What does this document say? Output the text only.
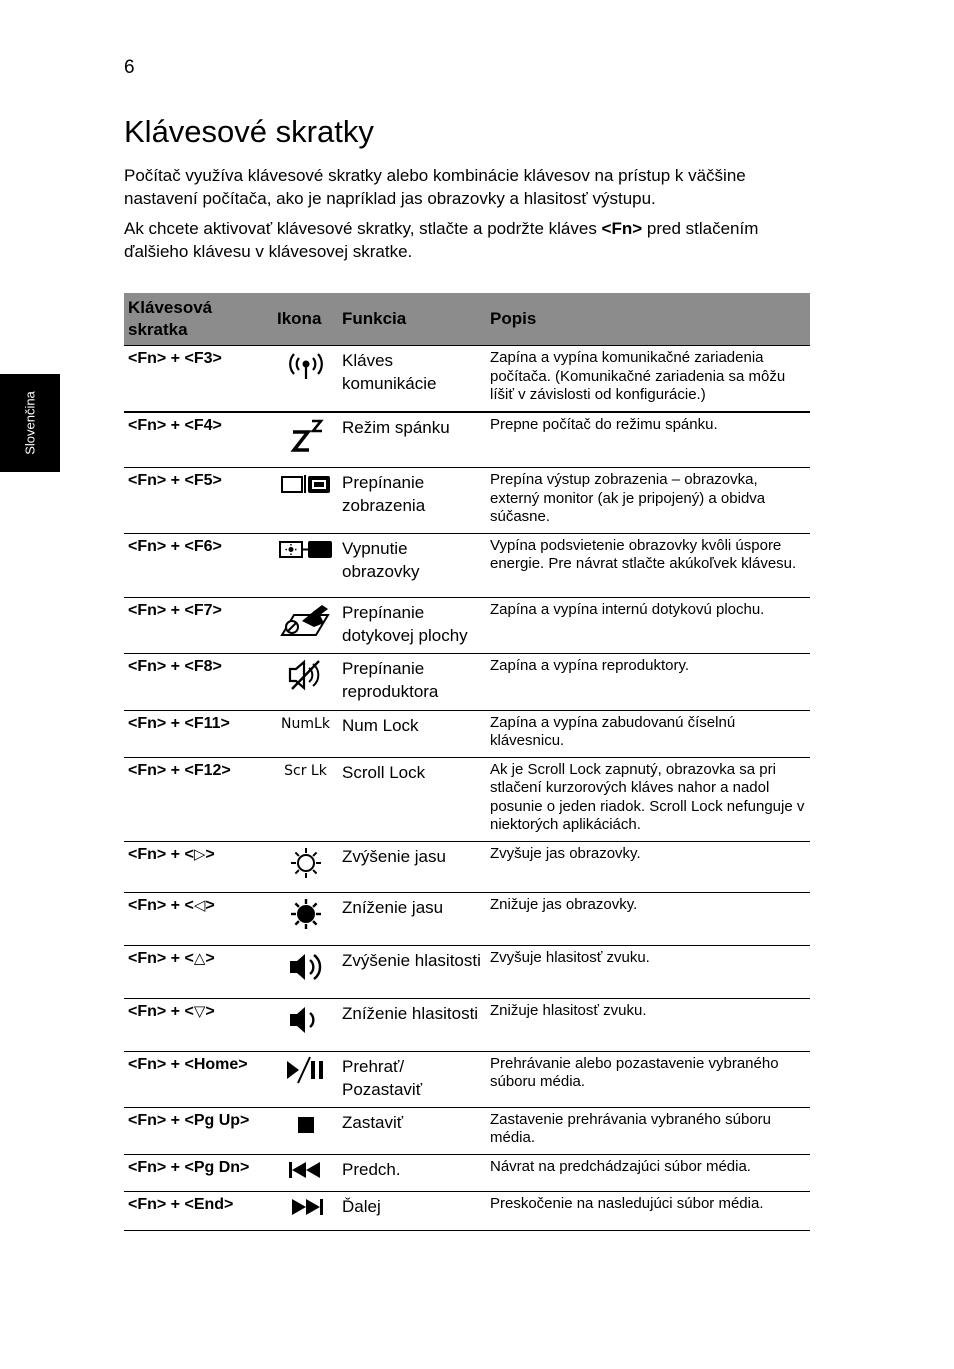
6
Klávesové skratky

Počítač využíva klávesové skratky alebo kombinácie klávesov na prístup k väčšine nastavení počítača, ako je napríklad jas obrazovky a hlasitosť výstupu.

Ak chcete aktivovať klávesové skratky, stlačte a podržte kláves <Fn> pred stlačením ďalšieho klávesu v klávesovej skratke.

Slovenčina
Klávesová skratka	Ikona	Funkcia	Popis
<Fn> + <F3>		Kláves komunikácie	Zapína a vypína komunikačné zariadenia počítača. (Komunikačné zariadenia sa môžu líšiť v závislosti od konfigurácie.)
<Fn> + <F4>		Režim spánku	Prepne počítač do režimu spánku.
<Fn> + <F5>		Prepínanie zobrazenia	Prepína výstup zobrazenia – obrazovka, externý monitor (ak je pripojený) a obidva súčasne.
<Fn> + <F6>		Vypnutie obrazovky	Vypína podsvietenie obrazovky kvôli úspore energie. Pre návrat stlačte akúkoľvek klávesu.
<Fn> + <F7>		Prepínanie dotykovej plochy	Zapína a vypína internú dotykovú plochu.
<Fn> + <F8>		Prepínanie reproduktora	Zapína a vypína reproduktory.
<Fn> + <F11>	NumLk	Num Lock	Zapína a vypína zabudovanú číselnú klávesnicu.
<Fn> + <F12>	Scr Lk	Scroll Lock	Ak je Scroll Lock zapnutý, obrazovka sa pri stlačení kurzorových kláves nahor a nadol posunie o jeden riadok. Scroll Lock nefunguje v niektorých aplikáciách.
<Fn> + <▷>		Zvýšenie jasu	Zvyšuje jas obrazovky.
<Fn> + <◁>		Zníženie jasu	Znižuje jas obrazovky.
<Fn> + <△>		Zvýšenie hlasitosti	Zvyšuje hlasitosť zvuku.
<Fn> + <▽>		Zníženie hlasitosti	Znižuje hlasitosť zvuku.
<Fn> + <Home>		Prehrať/ Pozastaviť	Prehrávanie alebo pozastavenie vybraného súboru média.
<Fn> + <Pg Up>		Zastaviť	Zastavenie prehrávania vybraného súboru média.
<Fn> + <Pg Dn>		Predch.	Návrat na predchádzajúci súbor média.
<Fn> + <End>		Ďalej	Preskočenie na nasledujúci súbor média.
